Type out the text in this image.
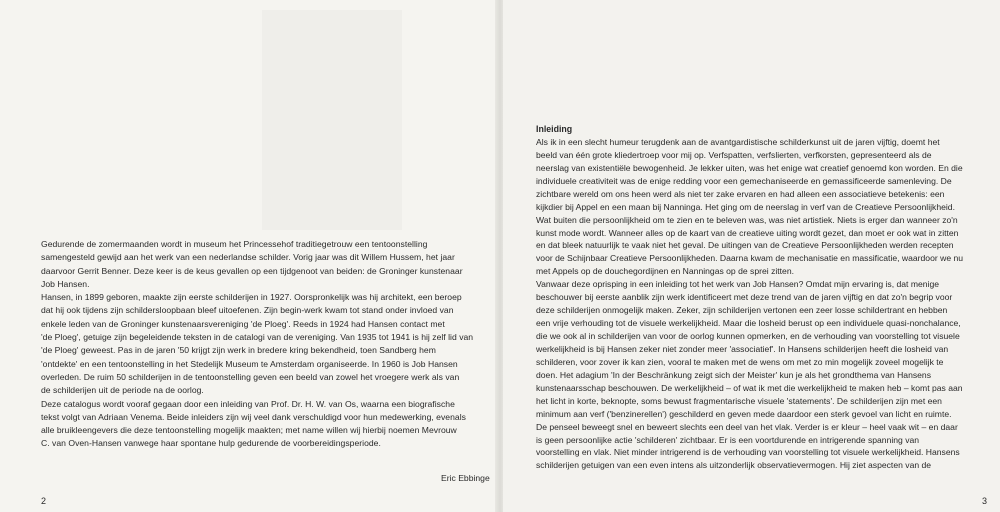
Gedurende de zomermaanden wordt in museum het Princessehof traditiegetrouw een tentoonstelling
samengesteld gewijd aan het werk van een nederlandse schilder. Vorig jaar was dit Willem Hussem, het jaar
daarvoor Gerrit Benner. Deze keer is de keus gevallen op een tijdgenoot van beiden: de Groninger kunstenaar
Job Hansen.
Hansen, in 1899 geboren, maakte zijn eerste schilderijen in 1927. Oorspronkelijk was hij architekt, een beroep
dat hij ook tijdens zijn schildersloopbaan bleef uitoefenen. Zijn begin-werk kwam tot stand onder invloed van
enkele leden van de Groninger kunstenaarsvereniging 'de Ploeg'. Reeds in 1924 had Hansen contact met
'de Ploeg', getuige zijn begeleidende teksten in de catalogi van de vereniging. Van 1935 tot 1941 is hij zelf lid van
'de Ploeg' geweest. Pas in de jaren '50 krijgt zijn werk in bredere kring bekendheid, toen Sandberg hem
'ontdekte' en een tentoonstelling in het Stedelijk Museum te Amsterdam organiseerde. In 1960 is Job Hansen
overleden. De ruim 50 schilderijen in de tentoonstelling geven een beeld van zowel het vroegere werk als van
de schilderijen uit de periode na de oorlog.
Deze catalogus wordt vooraf gegaan door een inleiding van Prof. Dr. H. W. van Os, waarna een biografische
tekst volgt van Adriaan Venema. Beide inleiders zijn wij veel dank verschuldigd voor hun medewerking, evenals
alle bruikleengevers die deze tentoonstelling mogelijk maakten; met name willen wij hierbij noemen Mevrouw
C. van Oven-Hansen vanwege haar spontane hulp gedurende de voorbereidingsperiode.

Eric Ebbinge
2
Inleiding

Als ik in een slecht humeur terugdenk aan de avantgardistische schilderkunst uit de jaren vijftig, doemt het
beeld van één grote kliedertroep voor mij op. Verfspatten, verfslierten, verfkorsten, gepresenteerd als de
neerslag van existentiële bewogenheid. Je lekker uiten, was het enige wat creatief genoemd kon worden. En die
individuele creativiteit was de enige redding voor een gemechaniseerde en gemassificeerde samenleving. De
zichtbare wereld om ons heen werd als niet ter zake ervaren en had alleen een associatieve betekenis: een
kijkdier bij Appel en een maan bij Nanninga. Het ging om de neerslag in verf van de Creatieve Persoonlijkheid.
Wat buiten die persoonlijkheid om te zien en te beleven was, was niet artistiek. Niets is erger dan wanneer zo'n
kunst mode wordt. Wanneer alles op de kaart van de creatieve uiting wordt gezet, dan moet er ook wat in zitten
en dat bleek natuurlijk te vaak niet het geval. De uitingen van de Creatieve Persoonlijkheden werden recepten
voor de Schijnbaar Creatieve Persoonlijkheden. Daarna kwam de mechanisatie en massificatie, waardoor we nu
met Appels op de douchegordijnen en Nanningas op de sprei zitten.
Vanwaar deze oprisping in een inleiding tot het werk van Job Hansen? Omdat mijn ervaring is, dat menige
beschouwer bij eerste aanblik zijn werk identificeert met deze trend van de jaren vijftig en dat zo'n begrip voor
deze schilderijen onmogelijk maken. Zeker, zijn schilderijen vertonen een zeer losse schildertrant en hebben
een vrije verhouding tot de visuele werkelijkheid. Maar die losheid berust op een individuele quasi-nonchalance,
die we ook al in schilderijen van voor de oorlog kunnen opmerken, en de verhouding van voorstelling tot visuele
werkelijkheid is bij Hansen zeker niet zonder meer 'associatief'. In Hansens schilderijen heeft die losheid van
schilderen, voor zover ik kan zien, vooral te maken met de wens om met zo min mogelijk zoveel mogelijk te
doen. Het adagium 'In der Beschränkung zeigt sich der Meister' kun je als het grondthema van Hansens
kunstenaarsschap beschouwen. De werkelijkheid – of wat ik met die werkelijkheid te maken heb – komt pas aan
het licht in korte, beknopte, soms bewust fragmentarische visuele 'statements'. De schilderijen zijn met een
minimum aan verf ('benzinerellen') geschilderd en geven mede daardoor een sterk gevoel van licht en ruimte.
De penseel beweegt snel en beweert slechts een deel van het vlak. Verder is er kleur – heel vaak wit – en daar
is geen persoonlijke actie 'schilderen' zichtbaar. Er is een voortdurende en intrigerende spanning van
voorstelling en vlak. Niet minder intrigerend is de verhouding van voorstelling tot visuele werkelijkheid. Hansens
schilderijen getuigen van een even intens als uitzonderlijk observatievermogen. Hij ziet aspecten van de

3
